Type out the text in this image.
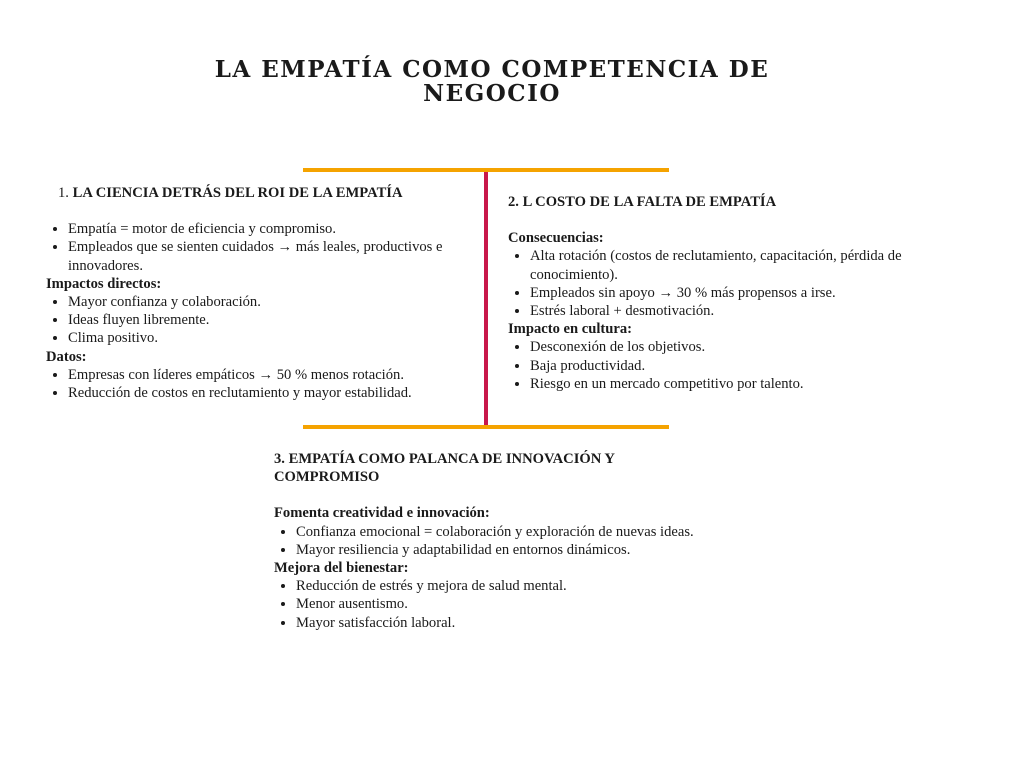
LA EMPATÍA COMO COMPETENCIA DE NEGOCIO
1. LA CIENCIA DETRÁS DEL ROI DE LA EMPATÍA
• Empatía = motor de eficiencia y compromiso.
• Empleados que se sienten cuidados → más leales, productivos e innovadores.

Impactos directos:

• Mayor confianza y colaboración.
• Ideas fluyen libremente.
• Clima positivo.

Datos:

• Empresas con líderes empáticos → 50 % menos rotación.
• Reducción de costos en reclutamiento y mayor estabilidad.
2. L COSTO DE LA FALTA DE EMPATÍA

Consecuencias:

• Alta rotación (costos de reclutamiento, capacitación, pérdida de conocimiento).
• Empleados sin apoyo → 30 % más propensos a irse.
• Estrés laboral + desmotivación.

Impacto en cultura:

• Desconexión de los objetivos.
• Baja productividad.
• Riesgo en un mercado competitivo por talento.
3. EMPATÍA COMO PALANCA DE INNOVACIÓN Y COMPROMISO

Fomenta creatividad e innovación:

• Confianza emocional = colaboración y exploración de nuevas ideas.
• Mayor resiliencia y adaptabilidad en entornos dinámicos.

Mejora del bienestar:

• Reducción de estrés y mejora de salud mental.
• Menor ausentismo.
• Mayor satisfacción laboral.
